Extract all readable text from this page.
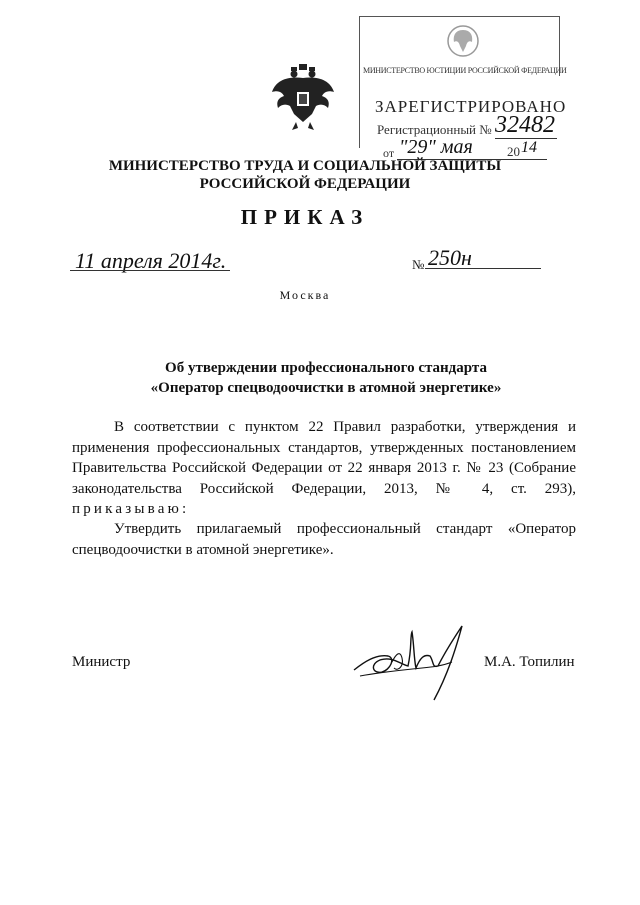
МИНИСТЕРСТВО ЮСТИЦИИ РОССИЙСКОЙ ФЕДЕРАЦИИ
ЗАРЕГИСТРИРОВАНО
Регистрационный № 32482
от "29" мая	20 14
МИНИСТЕРСТВО ТРУДА И СОЦИАЛЬНОЙ ЗАЩИТЫ
РОССИЙСКОЙ ФЕДЕРАЦИИ
ПРИКАЗ
11 апреля 2014г.	№ 250н
Москва
Об утверждении профессионального стандарта
«Оператор спецводоочистки в атомной энергетике»
В соответствии с пунктом 22 Правил разработки, утверждения и применения профессиональных стандартов, утвержденных постановлением Правительства Российской Федерации от 22 января 2013 г. № 23 (Собрание законодательства Российской Федерации, 2013, № 4, ст. 293), приказываю:
Утвердить прилагаемый профессиональный стандарт «Оператор спецводоочистки в атомной энергетике».
Министр	М.А. Топилин
